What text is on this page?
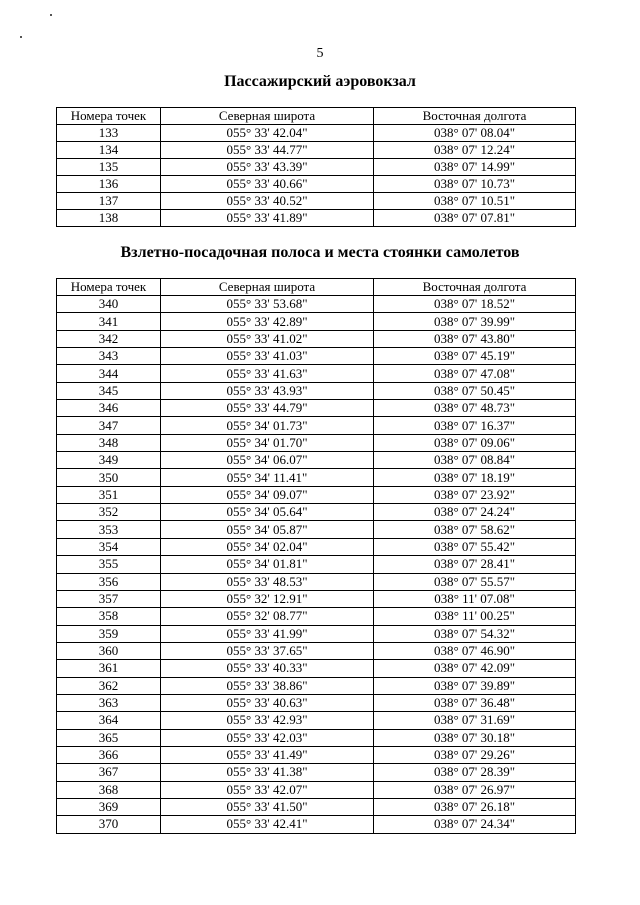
5
Пассажирский аэровокзал
Номера точек	Северная широта	Восточная долгота
133	055° 33' 42.04"	038° 07' 08.04"
134	055° 33' 44.77"	038° 07' 12.24"
135	055° 33' 43.39"	038° 07' 14.99"
136	055° 33' 40.66"	038° 07' 10.73"
137	055° 33' 40.52"	038° 07' 10.51"
138	055° 33' 41.89"	038° 07' 07.81"
Взлетно-посадочная полоса и места стоянки самолетов
Номера точек	Северная широта	Восточная долгота
340	055° 33' 53.68"	038° 07' 18.52"
341	055° 33' 42.89"	038° 07' 39.99"
342	055° 33' 41.02"	038° 07' 43.80"
343	055° 33' 41.03"	038° 07' 45.19"
344	055° 33' 41.63"	038° 07' 47.08"
345	055° 33' 43.93"	038° 07' 50.45"
346	055° 33' 44.79"	038° 07' 48.73"
347	055° 34' 01.73"	038° 07' 16.37"
348	055° 34' 01.70"	038° 07' 09.06"
349	055° 34' 06.07"	038° 07' 08.84"
350	055° 34' 11.41"	038° 07' 18.19"
351	055° 34' 09.07"	038° 07' 23.92"
352	055° 34' 05.64"	038° 07' 24.24"
353	055° 34' 05.87"	038° 07' 58.62"
354	055° 34' 02.04"	038° 07' 55.42"
355	055° 34' 01.81"	038° 07' 28.41"
356	055° 33' 48.53"	038° 07' 55.57"
357	055° 32' 12.91"	038° 11' 07.08"
358	055° 32' 08.77"	038° 11' 00.25"
359	055° 33' 41.99"	038° 07' 54.32"
360	055° 33' 37.65"	038° 07' 46.90"
361	055° 33' 40.33"	038° 07' 42.09"
362	055° 33' 38.86"	038° 07' 39.89"
363	055° 33' 40.63"	038° 07' 36.48"
364	055° 33' 42.93"	038° 07' 31.69"
365	055° 33' 42.03"	038° 07' 30.18"
366	055° 33' 41.49"	038° 07' 29.26"
367	055° 33' 41.38"	038° 07' 28.39"
368	055° 33' 42.07"	038° 07' 26.97"
369	055° 33' 41.50"	038° 07' 26.18"
370	055° 33' 42.41"	038° 07' 24.34"
